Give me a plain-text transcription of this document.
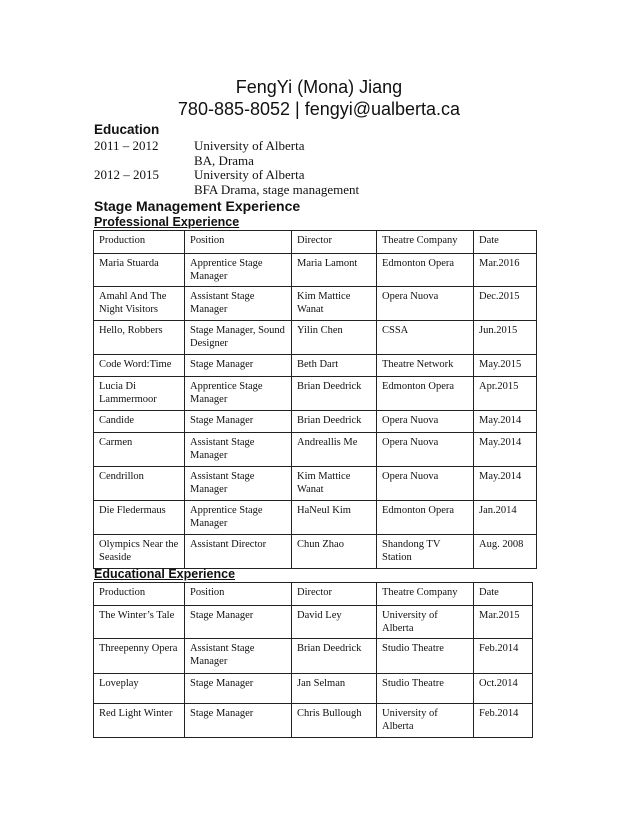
FengYi (Mona) Jiang
780-885-8052 | fengyi@ualberta.ca
Education
2011 – 2012	University of Alberta
BA, Drama
2012 – 2015	University of Alberta
BFA Drama, stage management
Stage Management Experience
Professional Experience
Production	Position	Director	Theatre Company	Date
Maria Stuarda	Apprentice Stage Manager	Maria Lamont	Edmonton Opera	Mar.2016
Amahl And The Night Visitors	Assistant Stage Manager	Kim Mattice Wanat	Opera Nuova	Dec.2015
Hello, Robbers	Stage Manager, Sound Designer	Yilin Chen	CSSA	Jun.2015
Code Word:Time	Stage Manager	Beth Dart	Theatre Network	May.2015
Lucia Di Lammermoor	Apprentice Stage Manager	Brian Deedrick	Edmonton Opera	Apr.2015
Candide	Stage Manager	Brian Deedrick	Opera Nuova	May.2014
Carmen	Assistant Stage Manager	Andreallis Me	Opera Nuova	May.2014
Cendrillon	Assistant Stage Manager	Kim Mattice Wanat	Opera Nuova	May.2014
Die Fledermaus	Apprentice Stage Manager	HaNeul Kim	Edmonton Opera	Jan.2014
Olympics Near the Seaside	Assistant Director	Chun Zhao	Shandong TV Station	Aug. 2008
Educational Experience
Production	Position	Director	Theatre Company	Date
The Winter’s Tale	Stage Manager	David Ley	University of Alberta	Mar.2015
Threepenny Opera	Assistant Stage Manager	Brian Deedrick	Studio Theatre	Feb.2014
Loveplay	Stage Manager	Jan Selman	Studio Theatre	Oct.2014
Red Light Winter	Stage Manager	Chris Bullough	University of Alberta	Feb.2014
